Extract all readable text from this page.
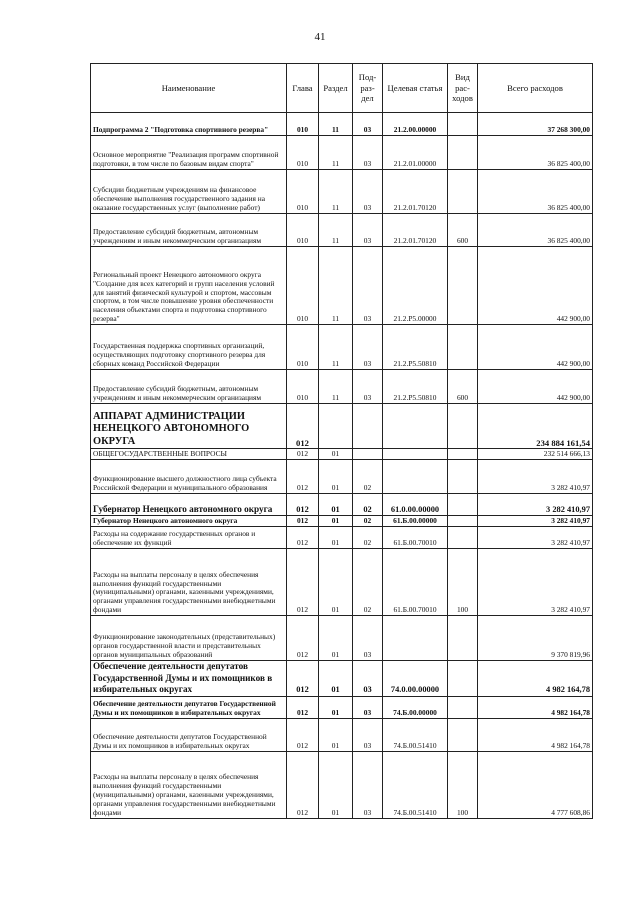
41
Наименование	Глава	Раздел	Под-раз-дел	Целевая статья	Вид рас-ходов	Всего расходов
Подпрограмма 2 "Подготовка спортивного резерва"	010	11	03	21.2.00.00000		37 268 300,00
Основное мероприятие "Реализация программ спортивной подготовки, в том числе по базовым видам спорта"	010	11	03	21.2.01.00000		36 825 400,00
Субсидии бюджетным учреждениям на финансовое обеспечение выполнения государственного задания на оказание государственных услуг (выполнение работ)	010	11	03	21.2.01.70120		36 825 400,00
Предоставление субсидий бюджетным, автономным учреждениям и иным некоммерческим организациям	010	11	03	21.2.01.70120	600	36 825 400,00
Региональный проект Ненецкого автономного округа "Создание для всех категорий и групп населения условий для занятий физической культурой и спортом, массовым спортом, в том числе повышение уровня обеспеченности населения объектами спорта и подготовка спортивного резерва"	010	11	03	21.2.P5.00000		442 900,00
Государственная поддержка спортивных организаций, осуществляющих подготовку спортивного резерва для сборных команд Российской Федерации	010	11	03	21.2.P5.50810		442 900,00
Предоставление субсидий бюджетным, автономным учреждениям и иным некоммерческим организациям	010	11	03	21.2.P5.50810	600	442 900,00
АППАРАТ АДМИНИСТРАЦИИ НЕНЕЦКОГО АВТОНОМНОГО ОКРУГА	012					234 884 161,54
ОБЩЕГОСУДАРСТВЕННЫЕ ВОПРОСЫ	012	01				232 514 666,13
Функционирование высшего должностного лица субъекта Российской Федерации и муниципального образования	012	01	02			3 282 410,97
Губернатор Ненецкого автономного округа	012	01	02	61.0.00.00000		3 282 410,97
Губернатор Ненецкого автономного округа	012	01	02	61.Б.00.00000		3 282 410,97
Расходы на содержание государственных органов и обеспечение их функций	012	01	02	61.Б.00.70010		3 282 410,97
Расходы на выплаты персоналу в целях обеспечения выполнения функций государственными (муниципальными) органами, казенными учреждениями, органами управления государственными внебюджетными фондами	012	01	02	61.Б.00.70010	100	3 282 410,97
Функционирование законодательных (представительных) органов государственной власти и представительных органов муниципальных образований	012	01	03			9 370 819,96
Обеспечение деятельности депутатов Государственной Думы и их помощников в избирательных округах	012	01	03	74.0.00.00000		4 982 164,78
Обеспечение деятельности депутатов Государственной Думы и их помощников в избирательных округах	012	01	03	74.Б.00.00000		4 982 164,78
Обеспечение деятельности депутатов Государственной Думы и их помощников в избирательных округах	012	01	03	74.Б.00.51410		4 982 164,78
Расходы на выплаты персоналу в целях обеспечения выполнения функций государственными (муниципальными) органами, казенными учреждениями, органами управления государственными внебюджетными фондами	012	01	03	74.Б.00.51410	100	4 777 608,86
